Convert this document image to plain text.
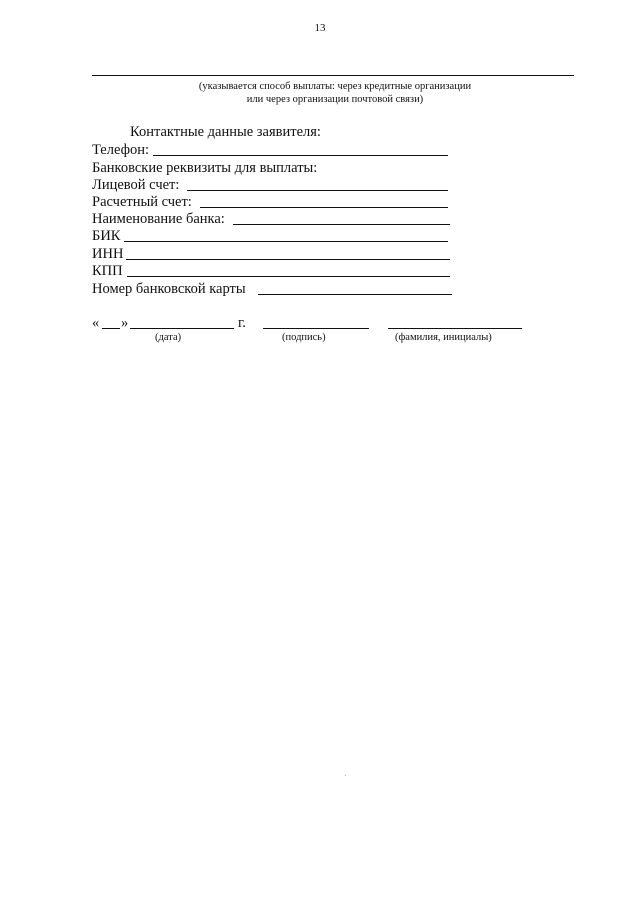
13
(указывается способ выплаты: через кредитные организации
или через организации почтовой связи)
Контактные данные заявителя:
Телефон:
Банковские реквизиты для выплаты:
Лицевой счет:
Расчетный счет:
Наименование банка:
БИК
ИНН
КПП
Номер банковской карты
« »	г.
(дата)	(подпись)	(фамилия, инициалы)
